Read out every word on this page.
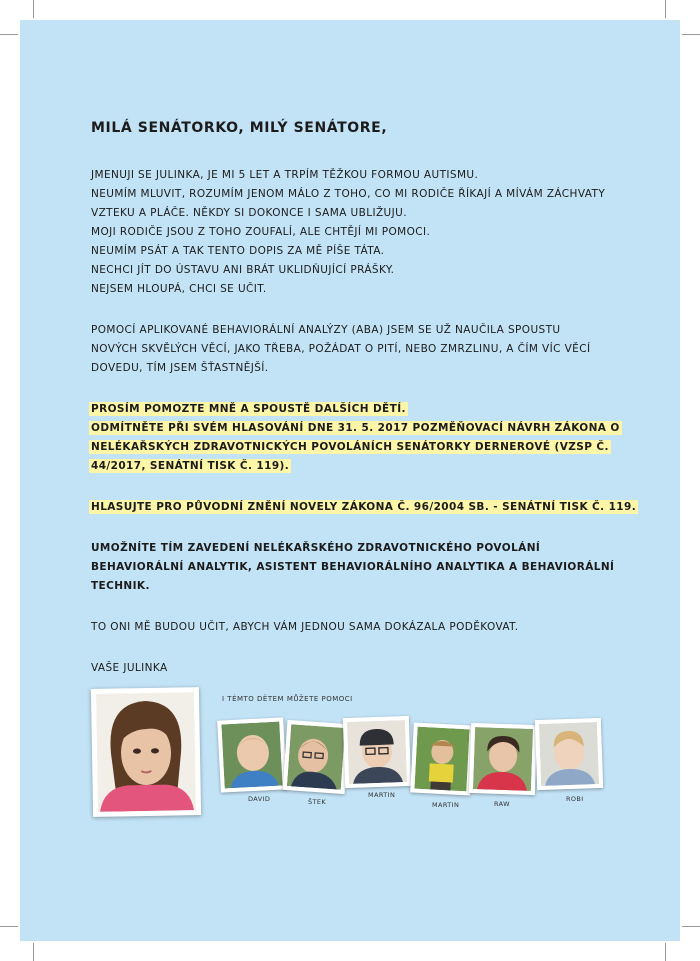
MILÁ SENÁTORKO, MILÝ SENÁTORE,
JMENUJI SE JULINKA, JE MI 5 LET A TRPÍM TĚŽKOU FORMOU AUTISMU.
NEUMÍM MLUVIT, ROZUMÍM JENOM MÁLO Z TOHO, CO MI RODIČE ŘÍKAJÍ A MÍVÁM ZÁCHVATY
VZTEKU A PLÁČE. NĚKDY SI DOKONCE I SAMA UBLIŽUJU.
MOJI RODIČE JSOU Z TOHO ZOUFALÍ, ALE CHTĚJÍ MI POMOCI.
NEUMÍM PSÁT A TAK TENTO DOPIS ZA MĚ PÍŠE TÁTA.
NECHCI JÍT DO ÚSTAVU ANI BRÁT UKLIDŇUJÍCÍ PRÁŠKY.
NEJSEM HLOUPÁ, CHCI SE UČIT.
POMOCÍ APLIKOVANÉ BEHAVIORÁLNÍ ANALÝZY (ABA) JSEM SE UŽ NAUČILA SPOUSTU
NOVÝCH SKVĚLÝCH VĚCÍ, JAKO TŘEBA, POŽÁDAT O PITÍ, NEBO ZMRZLINU, A ČÍM VÍC VĚCÍ
DOVEDU, TÍM JSEM ŠŤASTNĚJŠÍ.
PROSÍM POMOZTE MNĚ A SPOUSTĚ DALŠÍCH DĚTÍ.
ODMÍTNĚTE PŘI SVÉM HLASOVÁNÍ DNE 31. 5. 2017 POZMĚŇOVACÍ NÁVRH ZÁKONA O
NELÉKAŘSKÝCH ZDRAVOTNICKÝCH POVOLÁNÍCH SENÁTORKY DERNEROVÉ (VZSP Č.
44/2017, SENÁTNÍ TISK Č. 119).
HLASUJTE PRO PŮVODNÍ ZNĚNÍ NOVELY ZÁKONA Č. 96/2004 SB. - SENÁTNÍ TISK Č. 119.
UMOŽNÍTE TÍM ZAVEDENÍ NELÉKAŘSKÉHO ZDRAVOTNICKÉHO POVOLÁNÍ
BEHAVIORÁLNÍ ANALYTIK, ASISTENT BEHAVIORÁLNÍHO ANALYTIKA A BEHAVIORÁLNÍ
TECHNIK.
TO ONI MĚ BUDOU UČIT, ABYCH VÁM JEDNOU SAMA DOKÁZALA PODĚKOVAT.
VAŠE JULINKA
I TÉMTO DĚTEM MŮŽETE POMOCI
DAVID	ŠTEK
MARTIN
MARTIN	RAW
ROBI
